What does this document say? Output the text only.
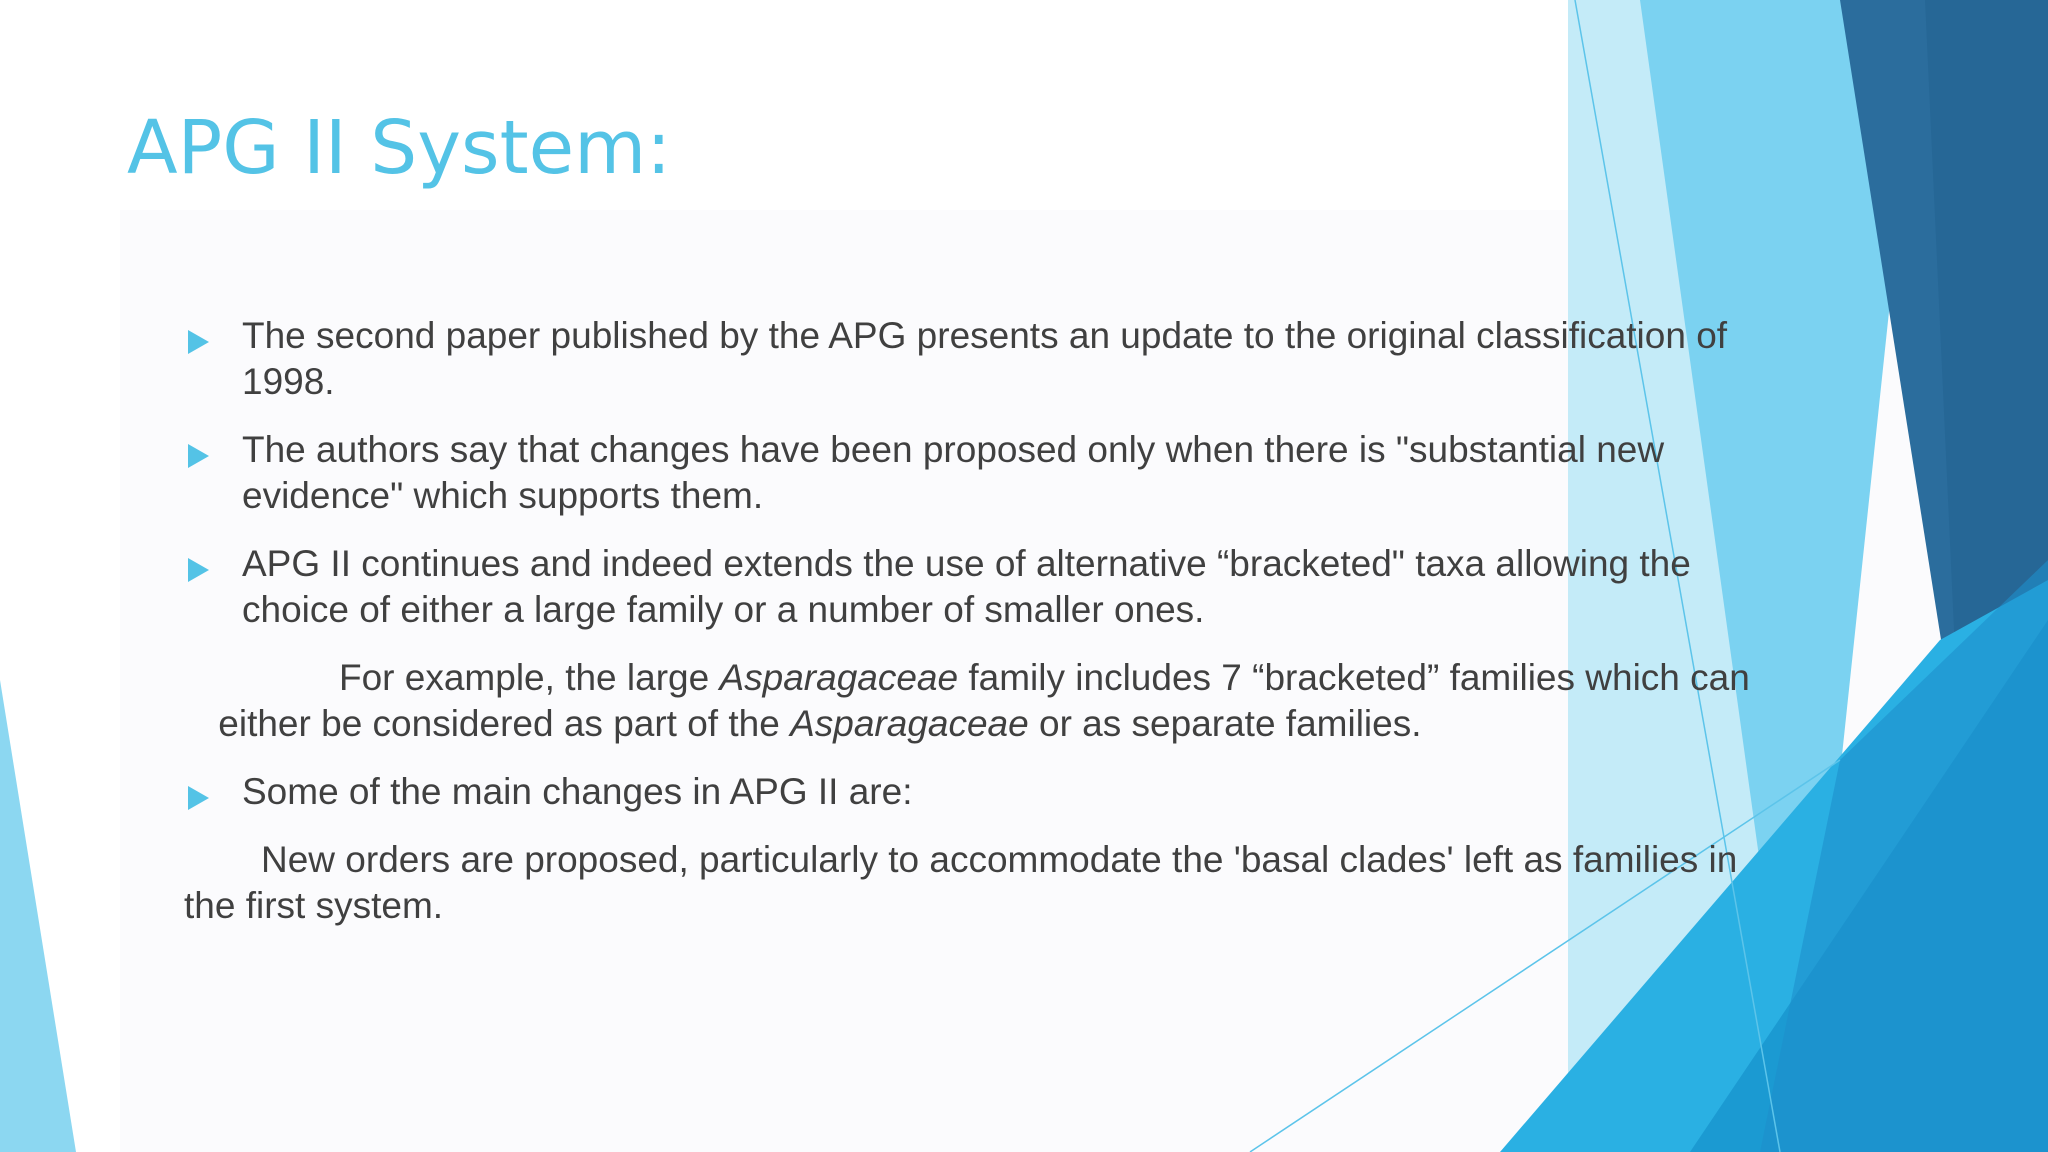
APG II System:
The second paper published by the APG presents an update to the original classification of 1998.
The authors say that changes have been proposed only when there is "substantial new evidence" which supports them.
APG II continues and indeed extends the use of alternative “bracketed" taxa allowing the choice of either a large family or a number of smaller ones.
For example, the large Asparagaceae family includes 7 “bracketed” families which can either be considered as part of the Asparagaceae or as separate families.
Some of the main changes in APG II are:
New orders are proposed, particularly to accommodate the 'basal clades' left as families in the first system.
